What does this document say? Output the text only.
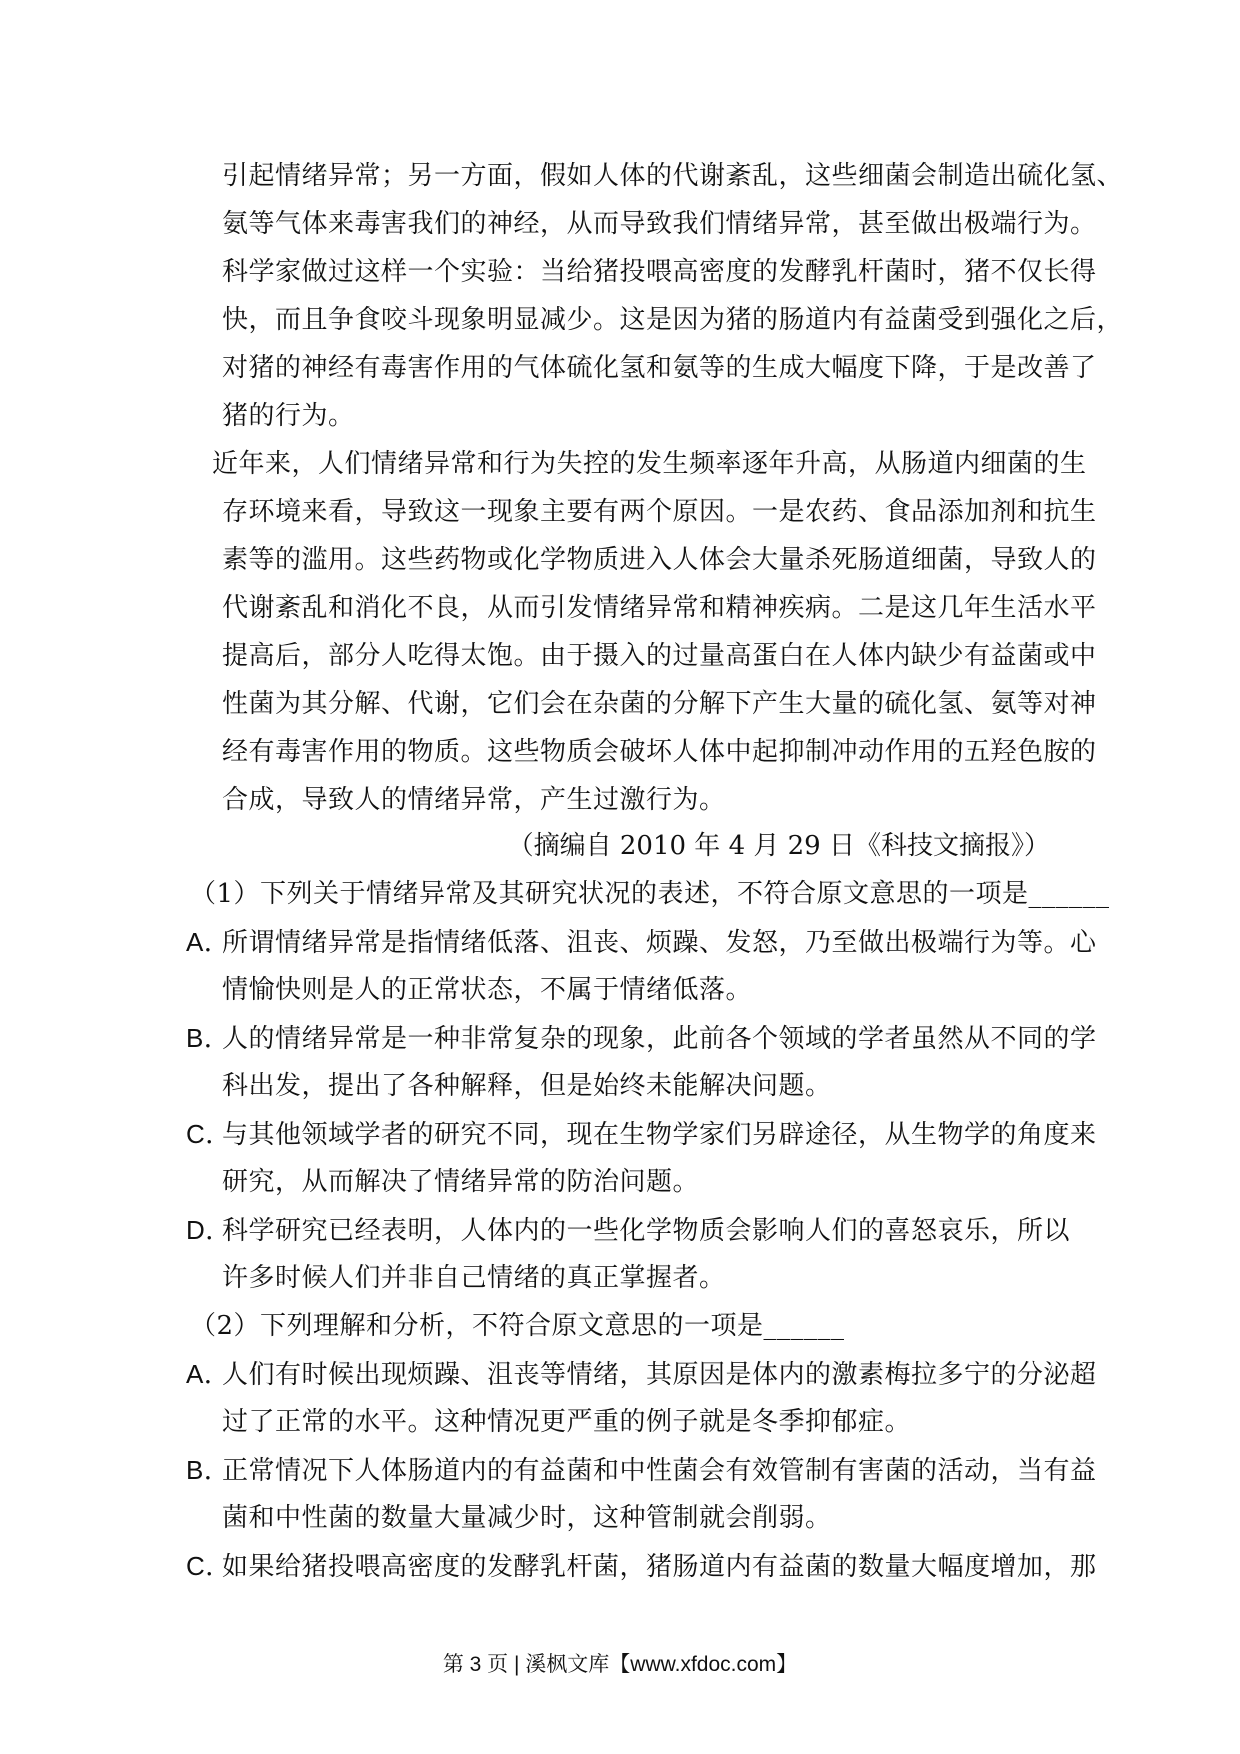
引起情绪异常；另一方面，假如人体的代谢紊乱，这些细菌会制造出硫化氢、
氨等气体来毒害我们的神经，从而导致我们情绪异常，甚至做出极端行为。
科学家做过这样一个实验：当给猪投喂高密度的发酵乳杆菌时，猪不仅长得
快，而且争食咬斗现象明显减少。这是因为猪的肠道内有益菌受到强化之后，
对猪的神经有毒害作用的气体硫化氢和氨等的生成大幅度下降，于是改善了
猪的行为。
近年来，人们情绪异常和行为失控的发生频率逐年升高，从肠道内细菌的生
存环境来看，导致这一现象主要有两个原因。一是农药、食品添加剂和抗生
素等的滥用。这些药物或化学物质进入人体会大量杀死肠道细菌，导致人的
代谢紊乱和消化不良，从而引发情绪异常和精神疾病。二是这几年生活水平
提高后，部分人吃得太饱。由于摄入的过量高蛋白在人体内缺少有益菌或中
性菌为其分解、代谢，它们会在杂菌的分解下产生大量的硫化氢、氨等对神
经有毒害作用的物质。这些物质会破坏人体中起抑制冲动作用的五羟色胺的
合成，导致人的情绪异常，产生过激行为。
（摘编自 2010 年 4 月 29 日《科技文摘报》）
（1）下列关于情绪异常及其研究状况的表述，不符合原文意思的一项是______
A．所谓情绪异常是指情绪低落、沮丧、烦躁、发怒，乃至做出极端行为等。心
情愉快则是人的正常状态，不属于情绪低落。
B．人的情绪异常是一种非常复杂的现象，此前各个领域的学者虽然从不同的学
科出发，提出了各种解释，但是始终未能解决问题。
C．与其他领域学者的研究不同，现在生物学家们另辟途径，从生物学的角度来
研究，从而解决了情绪异常的防治问题。
D．科学研究已经表明，人体内的一些化学物质会影响人们的喜怒哀乐，所以
许多时候人们并非自己情绪的真正掌握者。
（2）下列理解和分析，不符合原文意思的一项是______
A．人们有时候出现烦躁、沮丧等情绪，其原因是体内的激素梅拉多宁的分泌超
过了正常的水平。这种情况更严重的例子就是冬季抑郁症。
B．正常情况下人体肠道内的有益菌和中性菌会有效管制有害菌的活动，当有益
菌和中性菌的数量大量减少时，这种管制就会削弱。
C．如果给猪投喂高密度的发酵乳杆菌，猪肠道内有益菌的数量大幅度增加，那
第 3 页 | 溪枫文库【www.xfdoc.com】
